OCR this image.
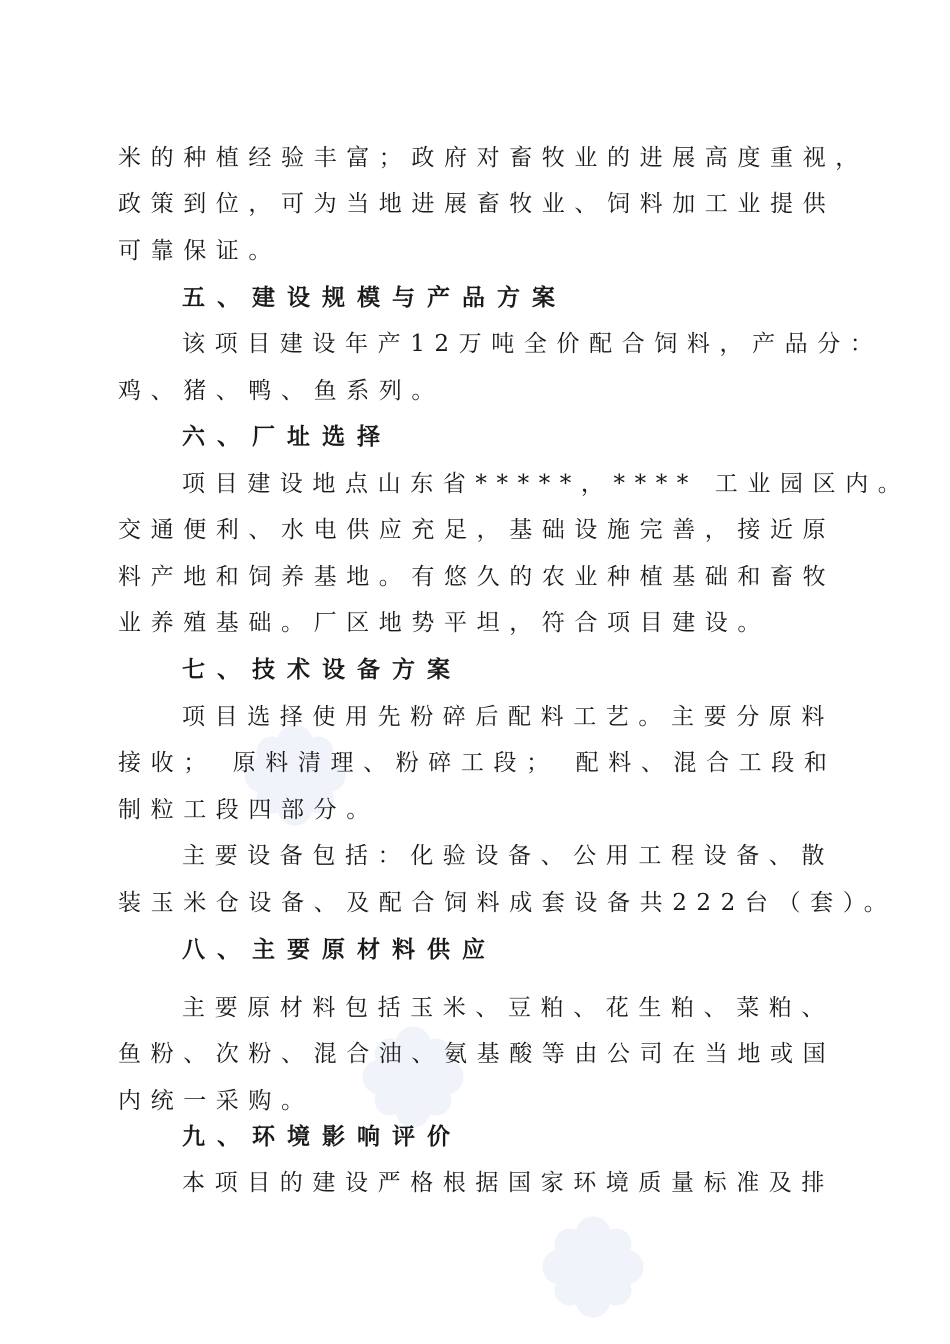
米的种植经验丰富；政府对畜牧业的进展高度重视，
政策到位，可为当地进展畜牧业、饲料加工业提供
可靠保证。
五、建设规模与产品方案
该项目建设年产12万吨全价配合饲料，产品分：
鸡、猪、鸭、鱼系列。
六、厂址选择
项目建设地点山东省*****，**** 工业园区内。
交通便利、水电供应充足，基础设施完善，接近原
料产地和饲养基地。有悠久的农业种植基础和畜牧
业养殖基础。厂区地势平坦，符合项目建设。
七、技术设备方案
项目选择使用先粉碎后配料工艺。主要分原料
接收； 原料清理、粉碎工段； 配料、混合工段和
制粒工段四部分。
主要设备包括：化验设备、公用工程设备、散
装玉米仓设备、及配合饲料成套设备共222台（套）。
八、主要原材料供应
主要原材料包括玉米、豆粕、花生粕、菜粕、
鱼粉、次粉、混合油、氨基酸等由公司在当地或国
内统一采购。
九、环境影响评价
本项目的建设严格根据国家环境质量标准及排
